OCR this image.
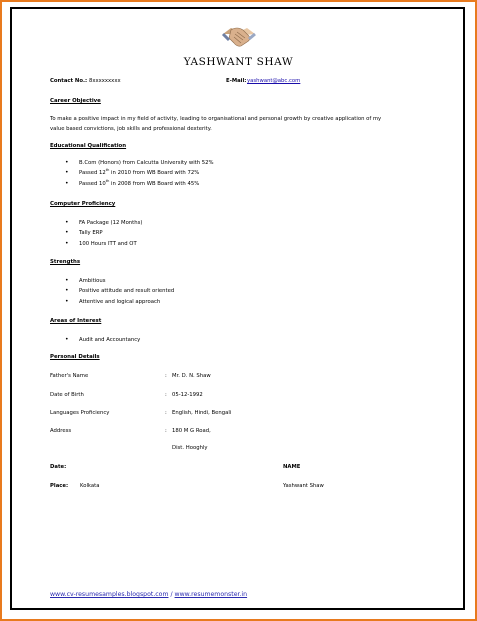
YASHWANT SHAW
Contact No.: 8xxxxxxxxx	E-Mail: yashwant@abc.com
Career Objective
To make a positive impact in my field of activity, leading to organisational and personal growth by creative application of my
value based convictions, job skills and professional dexterity.
Educational Qualification
• B.Com (Honors) from Calcutta University with 52%
• Passed 12th in 2010 from WB Board with 72%
• Passed 10th in 2008 from WB Board with 45%
Computer Proficiency
• FA Package (12 Months)
• Tally ERP
• 100 Hours ITT and OT
Strengths
• Ambitious
• Positive attitude and result oriented
• Attentive and logical approach
Areas of Interest
• Audit and Accountancy
Personal Details
Father's Name	: Mr. D. N. Shaw
Date of Birth	: 05-12-1992
Languages Proficiency	: English, Hindi, Bengali
Address	: 180 M G Road,
Dist. Hooghly
Date:	NAME
Place: Kolkata	Yashwant Shaw
www.cv-resumesamples.blogspot.com / www.resumemonster.in
